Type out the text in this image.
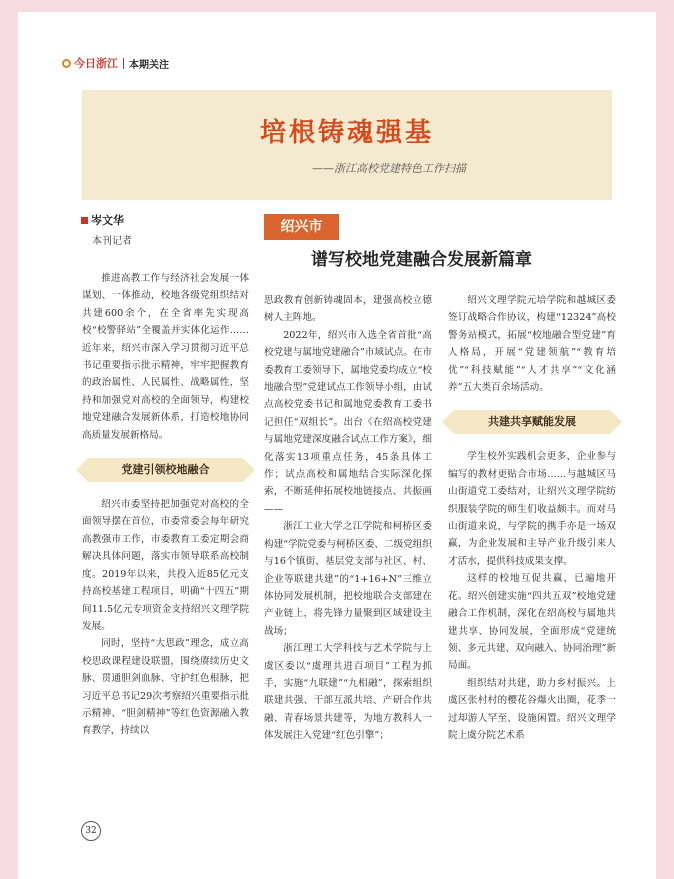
今日浙江 本期关注
培根铸魂强基
——浙江高校党建特色工作扫描
岑文华
本刊记者
绍兴市
谱写校地党建融合发展新篇章

推进高教工作与经济社会发展一体谋划、一体推动，校地各级党组织结对共建600余个，在全省率先实现高校“校警驿站”全覆盖并实体化运作……近年来，绍兴市深入学习贯彻习近平总书记重要指示批示精神，牢牢把握教育的政治属性、人民属性、战略属性，坚持和加强党对高校的全面领导，构建校地党建融合发展新体系，打造校地协同高质量发展新格局。

党建引领校地融合

绍兴市委坚持把加强党对高校的全面领导摆在首位，市委常委会每年研究高教强市工作，市委教育工委定期会商解决具体问题，落实市领导联系高校制度。2019年以来，共投入近85亿元支持高校基建工程项目，明确“十四五”期间11.5亿元专项资金支持绍兴文理学院发展。

同时，坚持“大思政”理念，成立高校思政课程建设联盟，围绕赓续历史文脉、贯通胆剑血脉、守护红色根脉，把习近平总书记29次考察绍兴重要指示批示精神、“胆剑精神”等红色资源融入教育教学，持续以

思政教育创新铸魂固本，建强高校立德树人主阵地。

2022年，绍兴市入选全省首批“高校党建与属地党建融合”市域试点。在市委教育工委领导下，属地党委均成立“校地融合型”党建试点工作领导小组，由试点高校党委书记和属地党委教育工委书记担任“双组长”。出台《在绍高校党建与属地党建深度融合试点工作方案》，细化落实13项重点任务，45条具体工作；试点高校和属地结合实际深化探索，不断延伸拓展校地链接点、共振画——

浙江工业大学之江学院和柯桥区委构建“学院党委与柯桥区委、二级党组织与16个镇街、基层党支部与社区、村、企业等联建共建”的“1+16+N”三维立体协同发展机制，把校地联合支部建在产业链上，将先锋力量聚到区域建设主战场；

浙江理工大学科技与艺术学院与上虞区委以“虞理共进百项目”工程为抓手，实施“九联建”“九相融”，探索组织联建共强、干部互派共培、产研合作共融、青春场景共建等，为地方教科人一体发展注入党建“红色引擎”；

绍兴文理学院元培学院和越城区委签订战略合作协议，构建“12324”高校警务站模式，拓展“校地融合型党建”育人格局，开展“党建领航”“教育培优”“科技赋能”“人才共享”“文化涵养”五大类百余场活动。

共建共享赋能发展

学生校外实践机会更多，企业参与编写的教材更贴合市场……与越城区马山街道党工委结对，让绍兴文理学院纺织服装学院的师生们收益颇丰。而对马山街道来说，与学院的携手亦是一场双赢，为企业发展和主导产业升级引来人才活水，提供科技成果支撑。

这样的校地互促共赢，已遍地开花。绍兴创建实施“四共五双”校地党建融合工作机制，深化在绍高校与属地共建共享、协同发展，全面形成“党建统领、多元共建、双向融入、协同治理”新局面。

组织结对共建，助力乡村振兴。上虞区张村村的樱花谷爆火出圈，花季一过却游人罕至、设施闲置。绍兴文理学院上虞分院艺术系

32
